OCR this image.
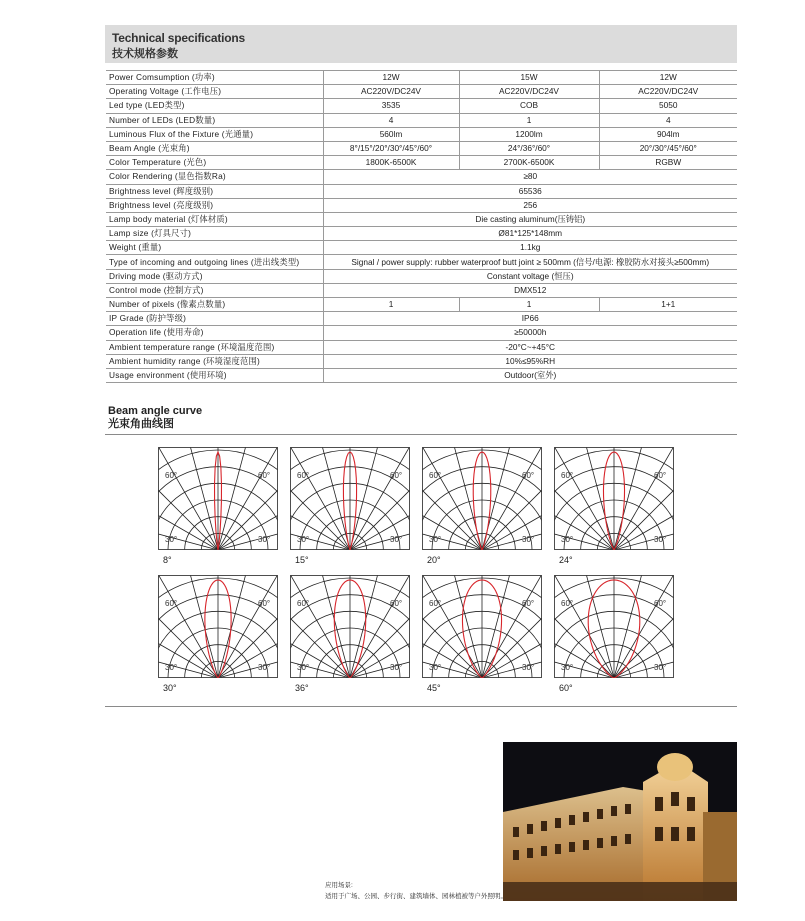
Technical specifications
技术规格参数
Power Comsumption (功率)	12W	15W	12W
Operating Voltage (工作电压)	AC220V/DC24V	AC220V/DC24V	AC220V/DC24V
Led type (LED类型)	3535	COB	5050
Number of LEDs (LED数量)	4	1	4
Luminous Flux of the Fixture (光通量)	560lm	1200lm	904lm
Beam Angle (光束角)	8°/15°/20°/30°/45°/60°	24°/36°/60°	20°/30°/45°/60°
Color Temperature (光色)	1800K-6500K	2700K-6500K	RGBW
Color Rendering (显色指数Ra)	≥80		
Brightness level (辉度级别)	65536		
Brightness level (亮度级别)	256		
Lamp body material (灯体材质)	Die casting aluminum(压铸铝)		
Lamp size (灯具尺寸)	Ø81*125*148mm		
Weight (重量)	1.1kg		
Type of incoming and outgoing lines (进出线类型)	Signal / power supply: rubber waterproof butt joint ≥ 500mm (信号/电源: 橡胶防水对接头≥500mm)		
Driving mode (驱动方式)	Constant voltage (恒压)		
Control mode (控制方式)	DMX512		
Number of pixels (像素点数量)	1	1	1+1
IP Grade (防护等级)	IP66		
Operation life (使用寿命)	≥50000h		
Ambient temperature range (环境温度范围)	-20°C~+45°C		
Ambient humidity range (环境湿度范围)	10%≤95%RH		
Usage environment (使用环境)	Outdoor(室外)		
Beam angle curve
光束角曲线图
60°	60°
30°	30°
8°
60°	60°
30°	30°
15°
60°	60°
30°	30°
20°
60°	60°
30°	30°
24°
60°	60°
30°	30°
30°
60°	60°
30°	30°
36°
60°	60°
30°	30°
45°
60°	60°
30°	30°
60°
应用场景:
适用于广场、公园、步行街、建筑墙体、园林植被等户外照明。
